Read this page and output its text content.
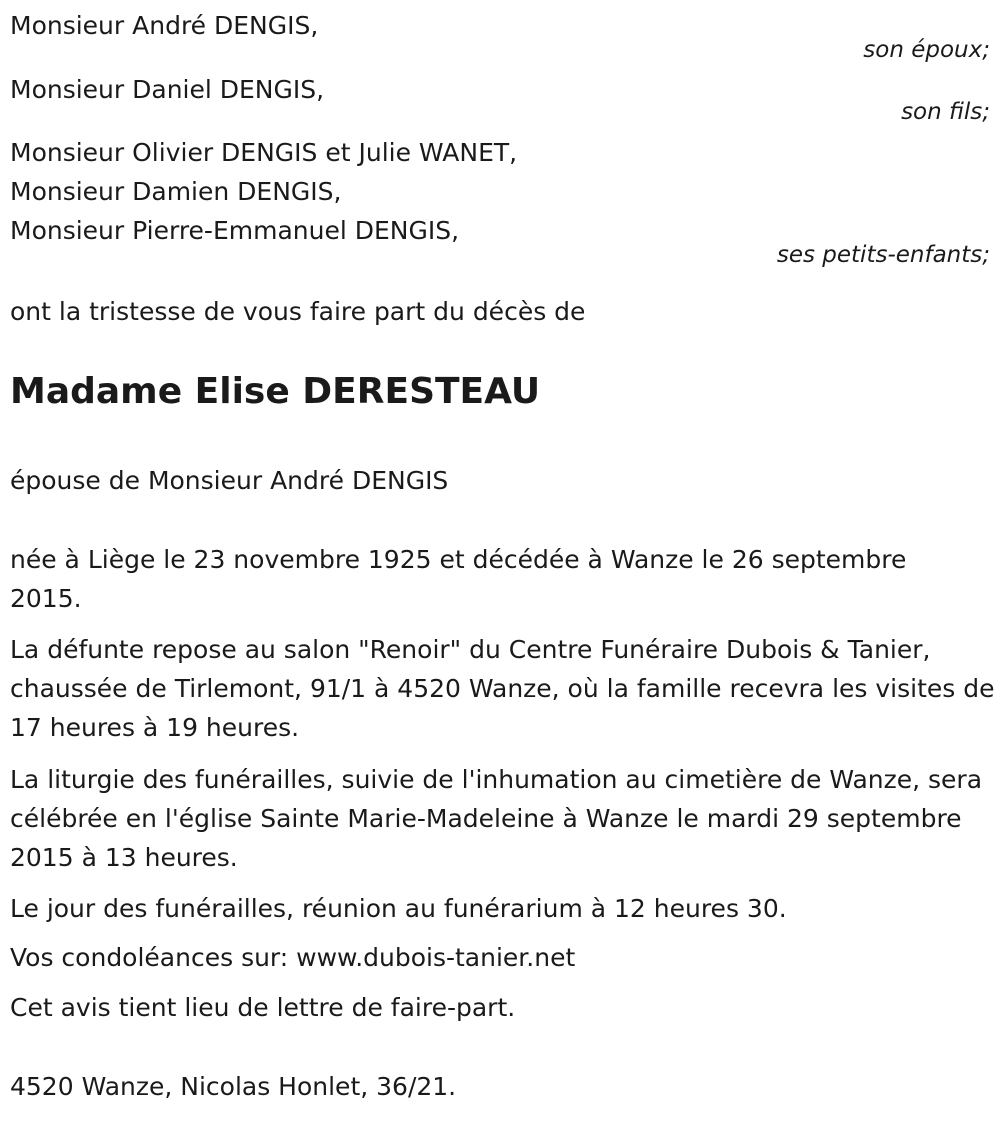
Monsieur André DENGIS,
son époux;
Monsieur Daniel DENGIS,
son fils;
Monsieur Olivier DENGIS et Julie WANET,
Monsieur Damien DENGIS,
Monsieur Pierre-Emmanuel DENGIS,
ses petits-enfants;
ont la tristesse de vous faire part du décès de
Madame Elise DERESTEAU
épouse de Monsieur André DENGIS
née à Liège le 23 novembre 1925 et décédée à Wanze le 26 septembre 2015.
La défunte repose au salon "Renoir" du Centre Funéraire Dubois & Tanier, chaussée de Tirlemont, 91/1 à 4520 Wanze, où la famille recevra les visites de 17 heures à 19 heures.
La liturgie des funérailles, suivie de l'inhumation au cimetière de Wanze, sera célébrée en l'église Sainte Marie-Madeleine à Wanze le mardi 29 septembre 2015 à 13 heures.
Le jour des funérailles, réunion au funérarium à 12 heures 30.
Vos condoléances sur: www.dubois-tanier.net
Cet avis tient lieu de lettre de faire-part.
4520 Wanze, Nicolas Honlet, 36/21.
